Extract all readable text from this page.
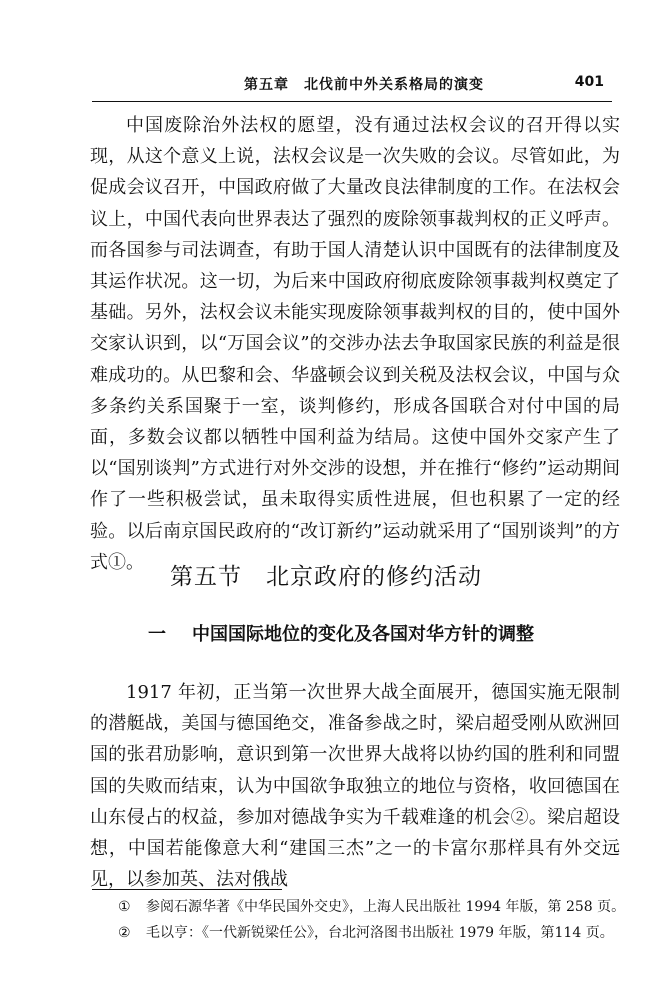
第五章　北伐前中外关系格局的演变	401

中国废除治外法权的愿望，没有通过法权会议的召开得以实现，从这个意义上说，法权会议是一次失败的会议。尽管如此，为促成会议召开，中国政府做了大量改良法律制度的工作。在法权会议上，中国代表向世界表达了强烈的废除领事裁判权的正义呼声。而各国参与司法调查，有助于国人清楚认识中国既有的法律制度及其运作状况。这一切，为后来中国政府彻底废除领事裁判权奠定了基础。另外，法权会议未能实现废除领事裁判权的目的，使中国外交家认识到，以“万国会议”的交涉办法去争取国家民族的利益是很难成功的。从巴黎和会、华盛顿会议到关税及法权会议，中国与众多条约关系国聚于一室，谈判修约，形成各国联合对付中国的局面，多数会议都以牺牲中国利益为结局。这使中国外交家产生了以“国别谈判”方式进行对外交涉的设想，并在推行“修约”运动期间作了一些积极尝试，虽未取得实质性进展，但也积累了一定的经验。以后南京国民政府的“改订新约”运动就采用了“国别谈判”的方式①。

第五节　北京政府的修约活动
一 中国国际地位的变化及各国对华方针的调整

1917 年初，正当第一次世界大战全面展开，德国实施无限制的潜艇战，美国与德国绝交，准备参战之时，梁启超受刚从欧洲回国的张君劢影响，意识到第一次世界大战将以协约国的胜利和同盟国的失败而结束，认为中国欲争取独立的地位与资格，收回德国在山东侵占的权益，参加对德战争实为千载难逢的机会②。梁启超设想，中国若能像意大利“建国三杰”之一的卡富尔那样具有外交远见，以参加英、法对俄战

① 参阅石源华著《中华民国外交史》，上海人民出版社 1994 年版，第 258 页。
② 毛以亨：《一代新锐梁任公》，台北河洛图书出版社 1979 年版，第114 页。
